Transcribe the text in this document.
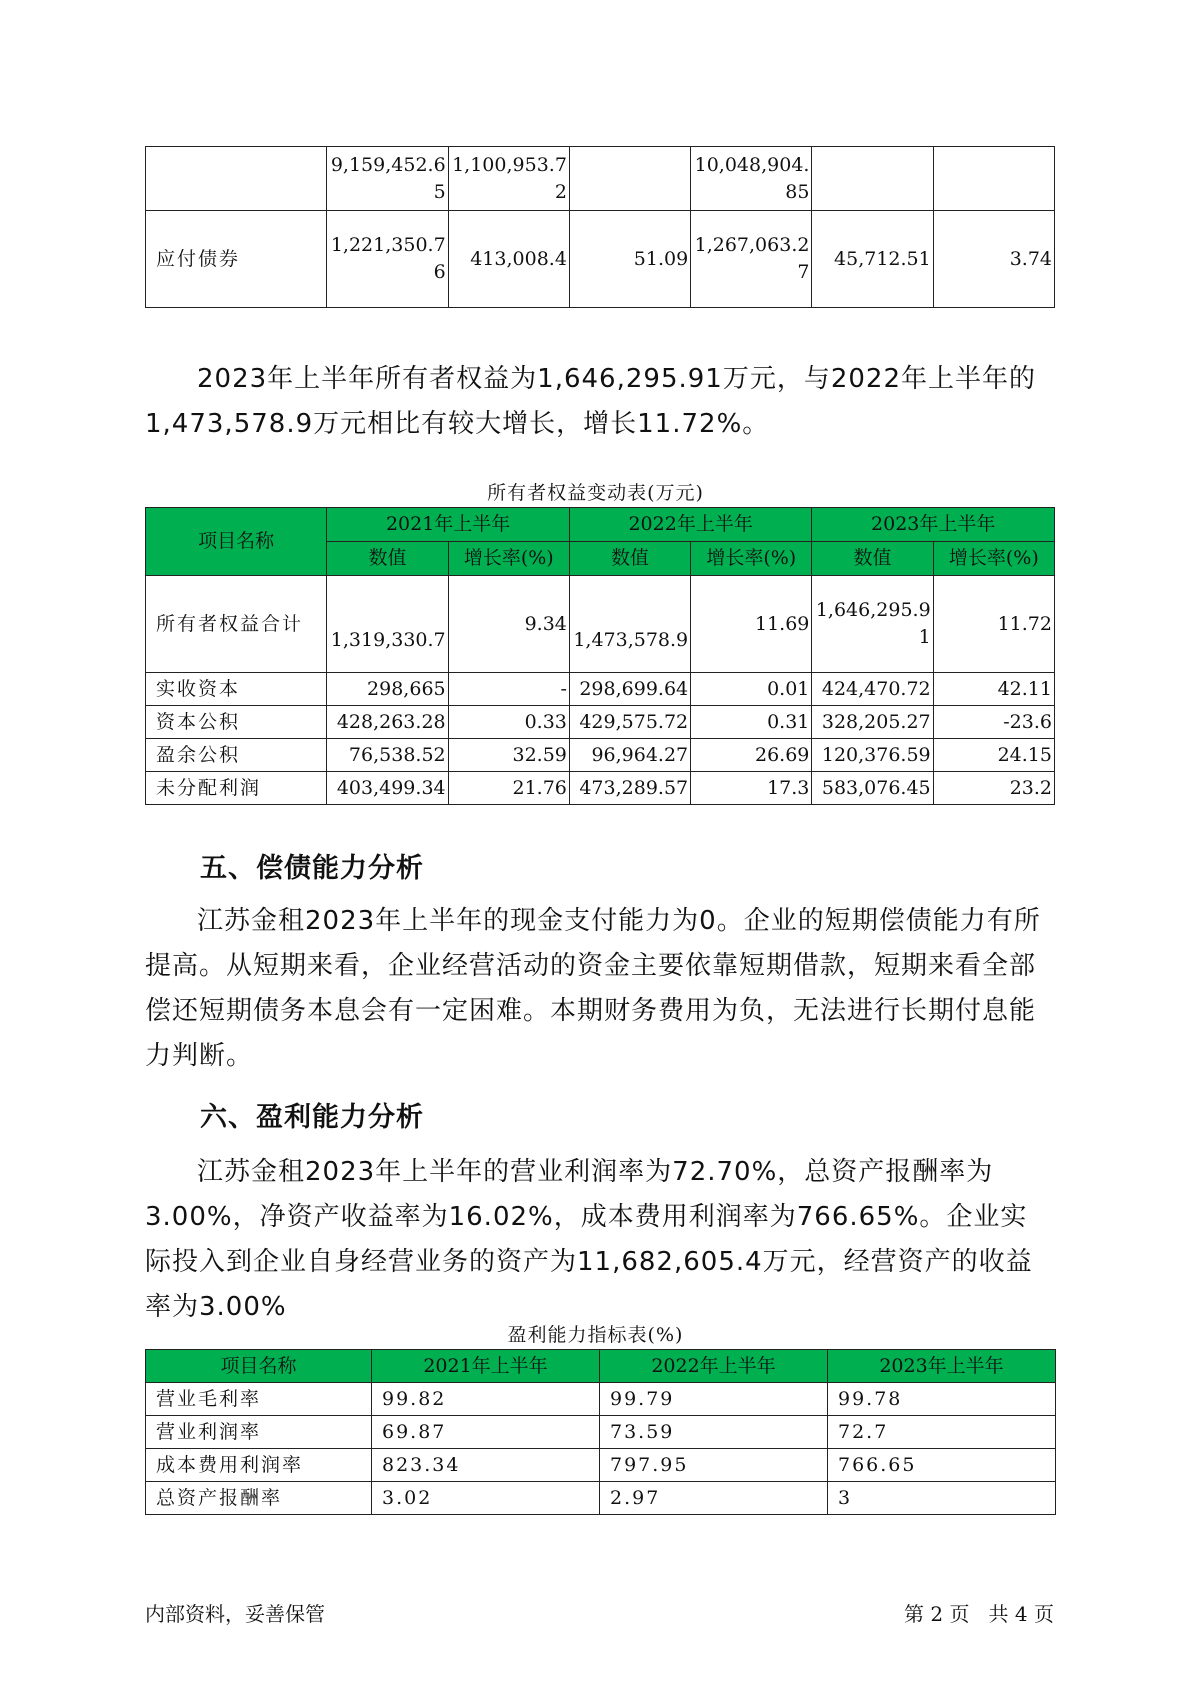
	9,159,452.65	1,100,953.72		10,048,904.85		
应付债券	1,221,350.76	413,008.4	51.09	1,267,063.27	45,712.51	3.74

2023年上半年所有者权益为1,646,295.91万元，与2022年上半年的1,473,578.9万元相比有较大增长，增长11.72%。

所有者权益变动表(万元)

项目名称	2021年上半年		2022年上半年		2023年上半年	
	数值	增长率(%)	数值	增长率(%)	数值	增长率(%)
所有者权益合计	1,319,330.7	9.34	1,473,578.9	11.69	1,646,295.91	11.72
实收资本	298,665	-	298,699.64	0.01	424,470.72	42.11
资本公积	428,263.28	0.33	429,575.72	0.31	328,205.27	-23.6
盈余公积	76,538.52	32.59	96,964.27	26.69	120,376.59	24.15
未分配利润	403,499.34	21.76	473,289.57	17.3	583,076.45	23.2
五、偿债能力分析

江苏金租2023年上半年的现金支付能力为0。企业的短期偿债能力有所提高。从短期来看，企业经营活动的资金主要依靠短期借款，短期来看全部偿还短期债务本息会有一定困难。本期财务费用为负，无法进行长期付息能力判断。

六、盈利能力分析

江苏金租2023年上半年的营业利润率为72.70%，总资产报酬率为3.00%，净资产收益率为16.02%，成本费用利润率为766.65%。企业实际投入到企业自身经营业务的资产为11,682,605.4万元，经营资产的收益率为3.00%

盈利能力指标表(%)

项目名称	2021年上半年	2022年上半年	2023年上半年
营业毛利率	99.82	99.79	99.78
营业利润率	69.87	73.59	72.7
成本费用利润率	823.34	797.95	766.65
总资产报酬率	3.02	2.97	3
内部资料，妥善保管	第 2 页   共 4 页
